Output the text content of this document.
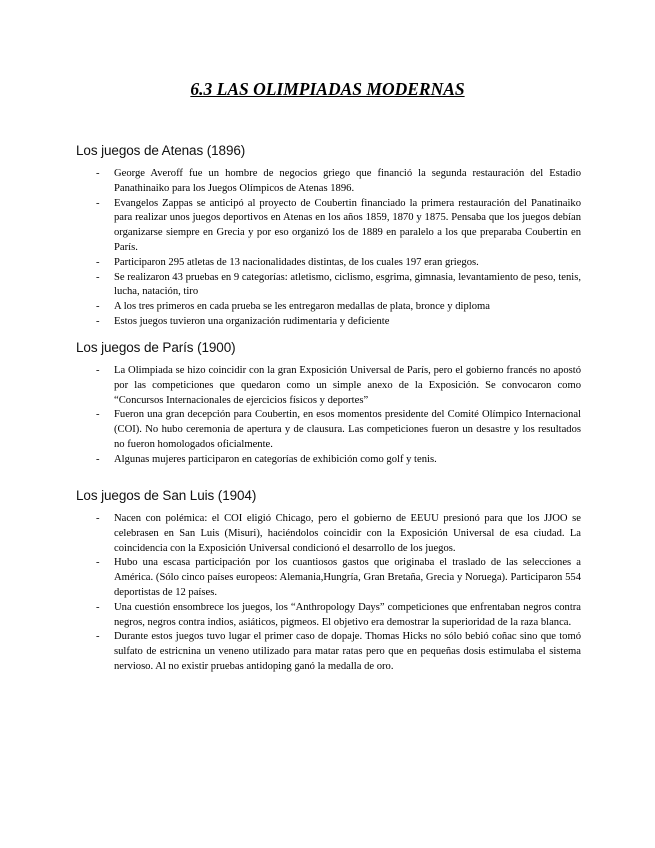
6.3 LAS OLIMPIADAS MODERNAS
Los juegos de Atenas (1896)
- George Averoff fue un hombre de negocios griego que financió la segunda restauración del Estadio Panathinaiko para los Juegos Olímpicos de Atenas 1896.
- Evangelos Zappas se anticipó al proyecto de Coubertin financiado la primera restauración del Panatinaiko para realizar unos juegos deportivos en Atenas en los años 1859, 1870 y 1875. Pensaba que los juegos debían organizarse siempre en Grecia y por eso organizó los de 1889 en paralelo a los que preparaba Coubertin en París.
- Participaron 295 atletas de 13 nacionalidades distintas, de los cuales 197 eran griegos.
- Se realizaron 43 pruebas en 9 categorías: atletismo, ciclismo, esgrima, gimnasia, levantamiento de peso, tenis, lucha, natación, tiro
- A los tres primeros en cada prueba se les entregaron medallas de plata, bronce y diploma
- Estos juegos tuvieron una organización rudimentaria y deficiente
Los juegos de París (1900)
- La Olimpiada se hizo coincidir con la gran Exposición Universal de París, pero el gobierno francés no apostó por las competiciones que quedaron como un simple anexo de la Exposición. Se convocaron como “Concursos Internacionales de ejercicios físicos y deportes”
- Fueron una gran decepción para Coubertin, en esos momentos presidente del Comité Olímpico Internacional (COI). No hubo ceremonia de apertura y de clausura. Las competiciones fueron un desastre y los resultados no fueron homologados oficialmente.
- Algunas mujeres participaron en categorías de exhibición como golf y tenis.
Los juegos de San Luis (1904)
- Nacen con polémica: el COI eligió Chicago, pero el gobierno de EEUU presionó para que los JJOO se celebrasen en San Luis (Misuri), haciéndolos coincidir con la Exposición Universal de esa ciudad. La coincidencia con la Exposición Universal condicionó el desarrollo de los juegos.
- Hubo una escasa participación por los cuantiosos gastos que originaba el traslado de las selecciones a América. (Sólo cinco países europeos: Alemania,Hungría, Gran Bretaña, Grecia y Noruega). Participaron 554 deportistas de 12 países.
- Una cuestión ensombrece los juegos, los “Anthropology Days” competiciones que enfrentaban negros contra negros, negros contra indios, asiáticos, pigmeos. El objetivo era demostrar la superioridad de la raza blanca.
- Durante estos juegos tuvo lugar el primer caso de dopaje. Thomas Hicks no sólo bebió coñac sino que tomó sulfato de estricnina un veneno utilizado para matar ratas pero que en pequeñas dosis estimulaba el sistema nervioso. Al no existir pruebas antidoping ganó la medalla de oro.
